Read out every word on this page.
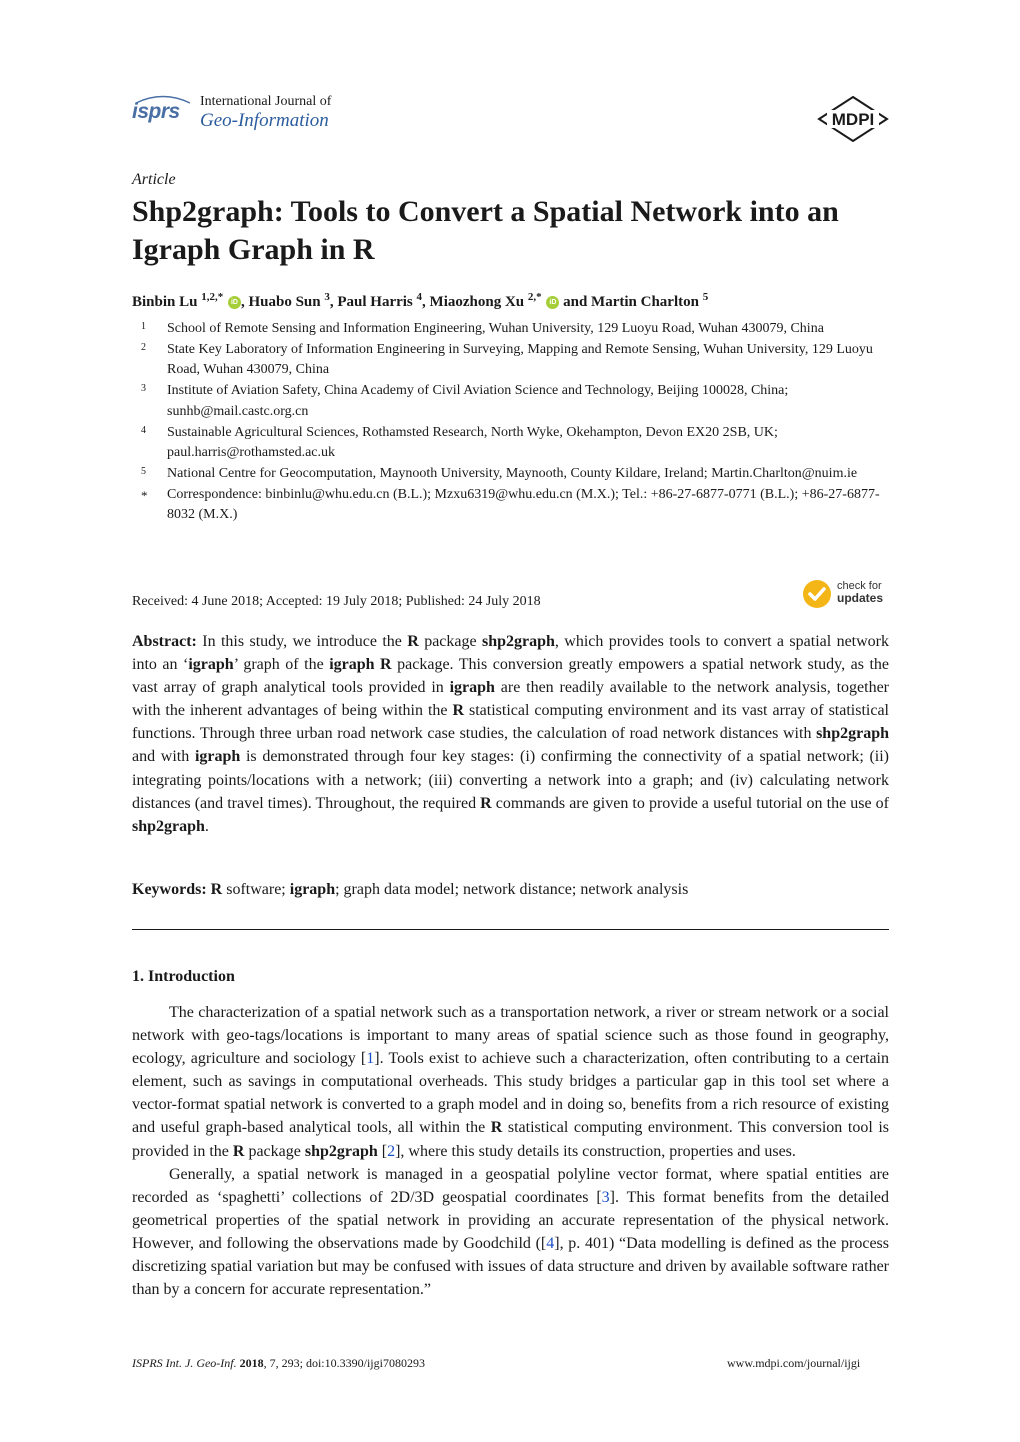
isprs International Journal of
Geo-Information	MDPI
Article
Shp2graph: Tools to Convert a Spatial Network into an Igraph Graph in R
Binbin Lu $^{1,2,*}$ iD , Huabo Sun $^3$, Paul Harris $^4$, Miaozhong Xu $^{2,*}$ iD and Martin Charlton $^5$
1 School of Remote Sensing and Information Engineering, Wuhan University, 129 Luoyu Road, Wuhan 430079, China
2 State Key Laboratory of Information Engineering in Surveying, Mapping and Remote Sensing, Wuhan University, 129 Luoyu Road, Wuhan 430079, China
3 Institute of Aviation Safety, China Academy of Civil Aviation Science and Technology, Beijing 100028, China; sunhb@mail.castc.org.cn
4 Sustainable Agricultural Sciences, Rothamsted Research, North Wyke, Okehampton, Devon EX20 2SB, UK; paul.harris@rothamsted.ac.uk
5 National Centre for Geocomputation, Maynooth University, Maynooth, County Kildare, Ireland; Martin.Charlton@nuim.ie
* Correspondence: binbinlu@whu.edu.cn (B.L.); Mzxu6319@whu.edu.cn (M.X.); Tel.: +86-27-6877-0771 (B.L.); +86-27-6877-8032 (M.X.)
Received: 4 June 2018; Accepted: 19 July 2018; Published: 24 July 2018
check for
updates

Abstract: In this study, we introduce the R package shp2graph, which provides tools to convert a spatial network into an ‘igraph’ graph of the igraph R package. This conversion greatly empowers a spatial network study, as the vast array of graph analytical tools provided in igraph are then readily available to the network analysis, together with the inherent advantages of being within the R statistical computing environment and its vast array of statistical functions. Through three urban road network case studies, the calculation of road network distances with shp2graph and with igraph is demonstrated through four key stages: (i) confirming the connectivity of a spatial network; (ii) integrating points/locations with a network; (iii) converting a network into a graph; and (iv) calculating network distances (and travel times). Throughout, the required R commands are given to provide a useful tutorial on the use of shp2graph.

Keywords: R software; igraph; graph data model; network distance; network analysis
1. Introduction

The characterization of a spatial network such as a transportation network, a river or stream network or a social network with geo-tags/locations is important to many areas of spatial science such as those found in geography, ecology, agriculture and sociology [1]. Tools exist to achieve such a characterization, often contributing to a certain element, such as savings in computational overheads. This study bridges a particular gap in this tool set where a vector-format spatial network is converted to a graph model and in doing so, benefits from a rich resource of existing and useful graph-based analytical tools, all within the R statistical computing environment. This conversion tool is provided in the R package shp2graph [2], where this study details its construction, properties and uses.

Generally, a spatial network is managed in a geospatial polyline vector format, where spatial entities are recorded as ‘spaghetti’ collections of 2D/3D geospatial coordinates [3]. This format benefits from the detailed geometrical properties of the spatial network in providing an accurate representation of the physical network. However, and following the observations made by Goodchild ([4], p. 401) “Data modelling is defined as the process discretizing spatial variation but may be confused with issues of data structure and driven by available software rather than by a concern for accurate representation.”

ISPRS Int. J. Geo-Inf. 2018, 7, 293; doi:10.3390/ijgi7080293	www.mdpi.com/journal/ijgi
